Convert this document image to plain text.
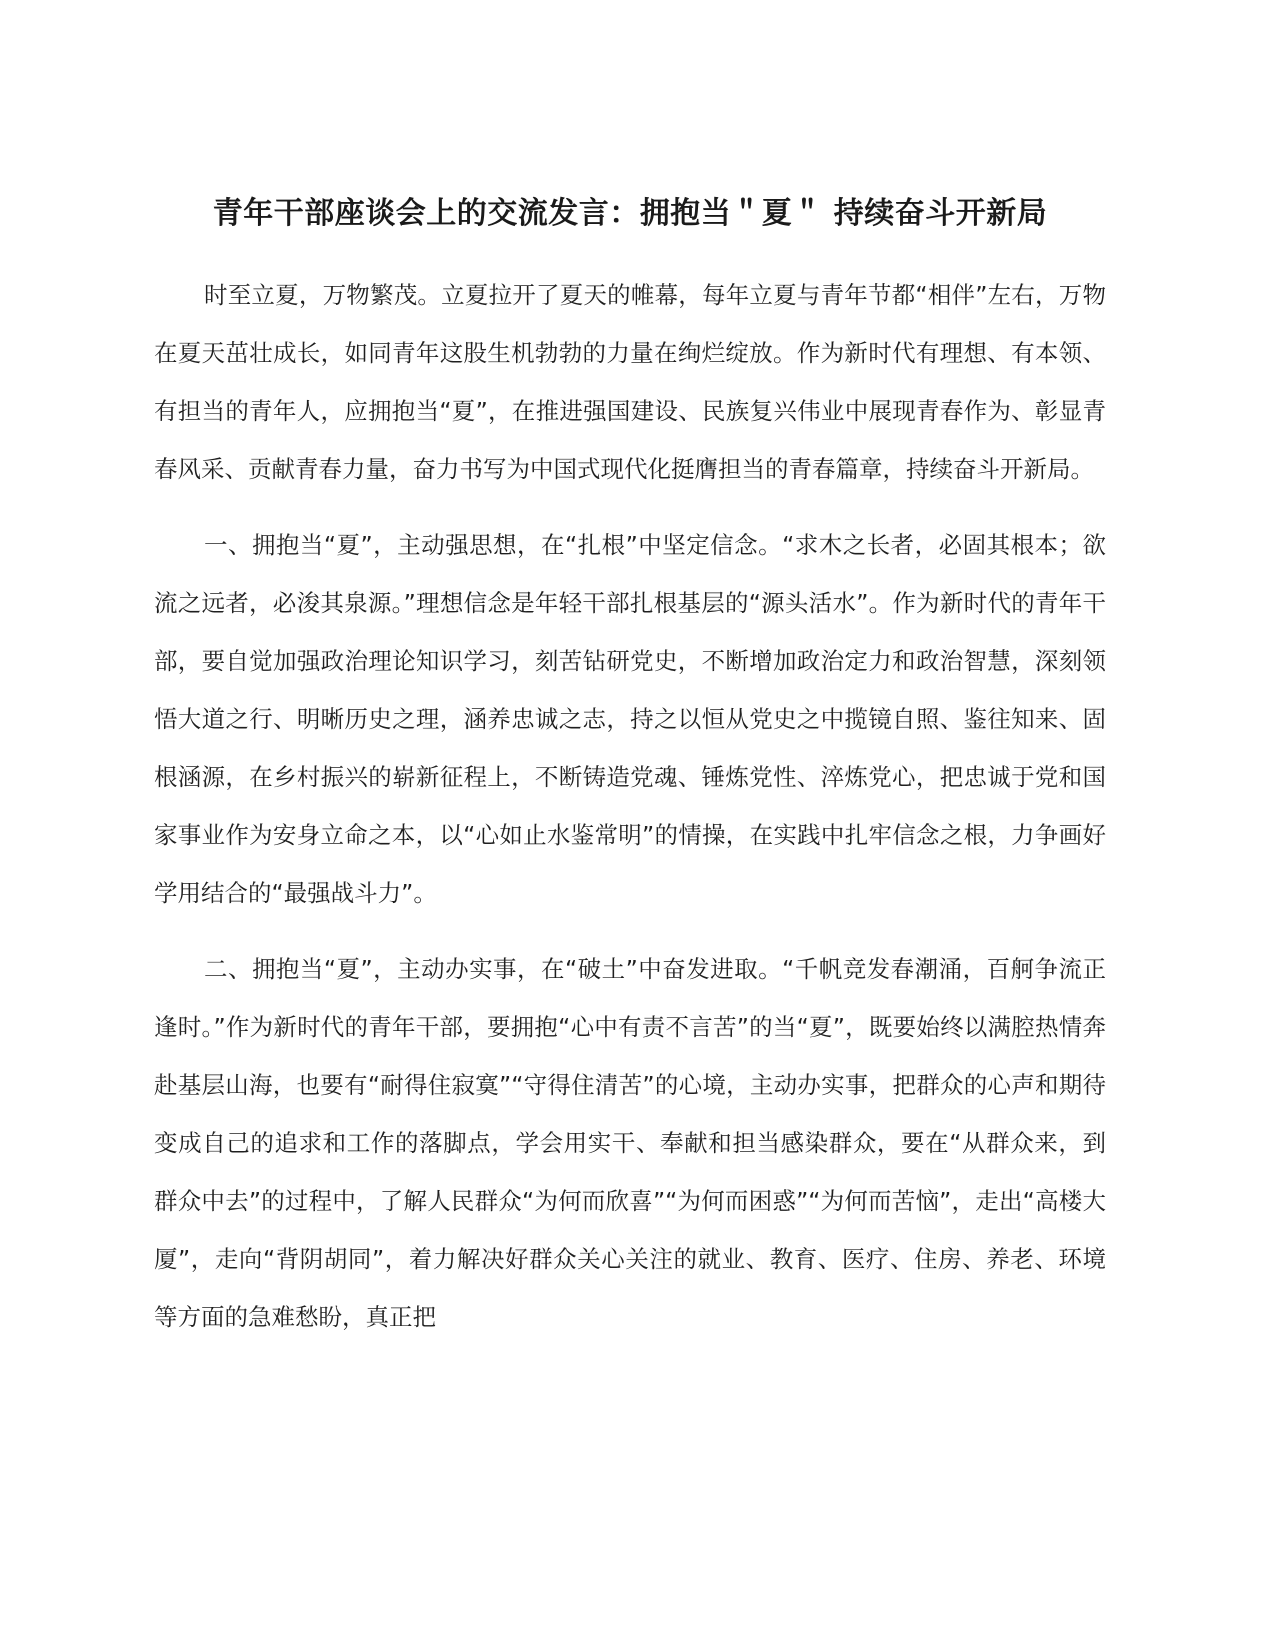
青年干部座谈会上的交流发言：拥抱当＂夏＂ 持续奋斗开新局

时至立夏，万物繁茂。立夏拉开了夏天的帷幕，每年立夏与青年节都“相伴”左右，万物在夏天茁壮成长，如同青年这股生机勃勃的力量在绚烂绽放。作为新时代有理想、有本领、有担当的青年人，应拥抱当“夏”，在推进强国建设、民族复兴伟业中展现青春作为、彰显青春风采、贡献青春力量，奋力书写为中国式现代化挺膺担当的青春篇章，持续奋斗开新局。

一、拥抱当“夏”，主动强思想，在“扎根”中坚定信念。“求木之长者，必固其根本；欲流之远者，必浚其泉源。”理想信念是年轻干部扎根基层的“源头活水”。作为新时代的青年干部，要自觉加强政治理论知识学习，刻苦钻研党史，不断增加政治定力和政治智慧，深刻领悟大道之行、明晰历史之理，涵养忠诚之志，持之以恒从党史之中揽镜自照、鉴往知来、固根涵源，在乡村振兴的崭新征程上，不断铸造党魂、锤炼党性、淬炼党心，把忠诚于党和国家事业作为安身立命之本，以“心如止水鉴常明”的情操，在实践中扎牢信念之根，力争画好学用结合的“最强战斗力”。

二、拥抱当“夏”，主动办实事，在“破土”中奋发进取。“千帆竞发春潮涌，百舸争流正逢时。”作为新时代的青年干部，要拥抱“心中有责不言苦”的当“夏”，既要始终以满腔热情奔赴基层山海，也要有“耐得住寂寞”“守得住清苦”的心境，主动办实事，把群众的心声和期待变成自己的追求和工作的落脚点，学会用实干、奉献和担当感染群众，要在“从群众来，到群众中去”的过程中，了解人民群众“为何而欣喜”“为何而困惑”“为何而苦恼”，走出“高楼大厦”，走向“背阴胡同”，着力解决好群众关心关注的就业、教育、医疗、住房、养老、环境等方面的急难愁盼，真正把
